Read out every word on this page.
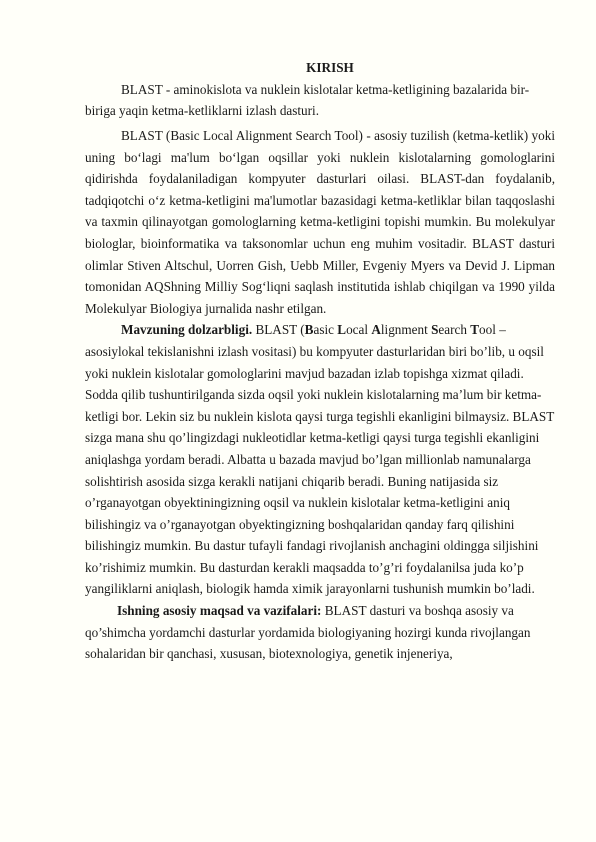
KIRISH

BLAST - aminokislota va nuklein kislotalar ketma-ketligining bazalarida bir-biriga yaqin ketma-ketliklarni izlash dasturi.

BLAST (Basic Local Alignment Search Tool) - asosiy tuzilish (ketma-ketlik) yoki uning bo‘lagi ma'lum bo‘lgan oqsillar yoki nuklein kislotalarning gomologlarini qidirishda foydalaniladigan kompyuter dasturlari oilasi. BLAST-dan foydalanib, tadqiqotchi o‘z ketma-ketligini ma'lumotlar bazasidagi ketma-ketliklar bilan taqqoslashi va taxmin qilinayotgan gomologlarning ketma-ketligini topishi mumkin. Bu molekulyar biologlar, bioinformatika va taksonomlar uchun eng muhim vositadir. BLAST dasturi olimlar Stiven Altschul, Uorren Gish, Uebb Miller, Evgeniy Myers va Devid J. Lipman tomonidan AQShning Milliy Sog‘liqni saqlash institutida ishlab chiqilgan va 1990 yilda Molekulyar Biologiya jurnalida nashr etilgan.

Mavzuning dolzarbligi. BLAST (Basic Local Alignment Search Tool – asosiylokal tekislanishni izlash vositasi) bu kompyuter dasturlaridan biri bo’lib, u oqsil yoki nuklein kislotalar gomologlarini mavjud bazadan izlab topishga xizmat qiladi. Sodda qilib tushuntirilganda sizda oqsil yoki nuklein kislotalarning ma’lum bir ketma-ketligi bor. Lekin siz bu nuklein kislota qaysi turga tegishli ekanligini bilmaysiz. BLAST sizga mana shu qo’lingizdagi nukleotidlar ketma-ketligi qaysi turga tegishli ekanligini aniqlashga yordam beradi. Albatta u bazada mavjud bo’lgan millionlab namunalarga solishtirish asosida sizga kerakli natijani chiqarib beradi. Buning natijasida siz o’rganayotgan obyektiningizning oqsil va nuklein kislotalar ketma-ketligini aniq bilishingiz va o’rganayotgan obyektingizning boshqalaridan qanday farq qilishini bilishingiz mumkin. Bu dastur tufayli fandagi rivojlanish anchagini oldingga siljishini ko’rishimiz mumkin. Bu dasturdan kerakli maqsadda to’g’ri foydalanilsa juda ko’p yangiliklarni aniqlash, biologik hamda ximik jarayonlarni tushunish mumkin bo’ladi.

Ishning asosiy maqsad va vazifalari: BLAST dasturi va boshqa asosiy va qo’shimcha yordamchi dasturlar yordamida biologiyaning hozirgi kunda rivojlangan sohalaridan bir qanchasi, xususan, biotexnologiya, genetik injeneriya,
